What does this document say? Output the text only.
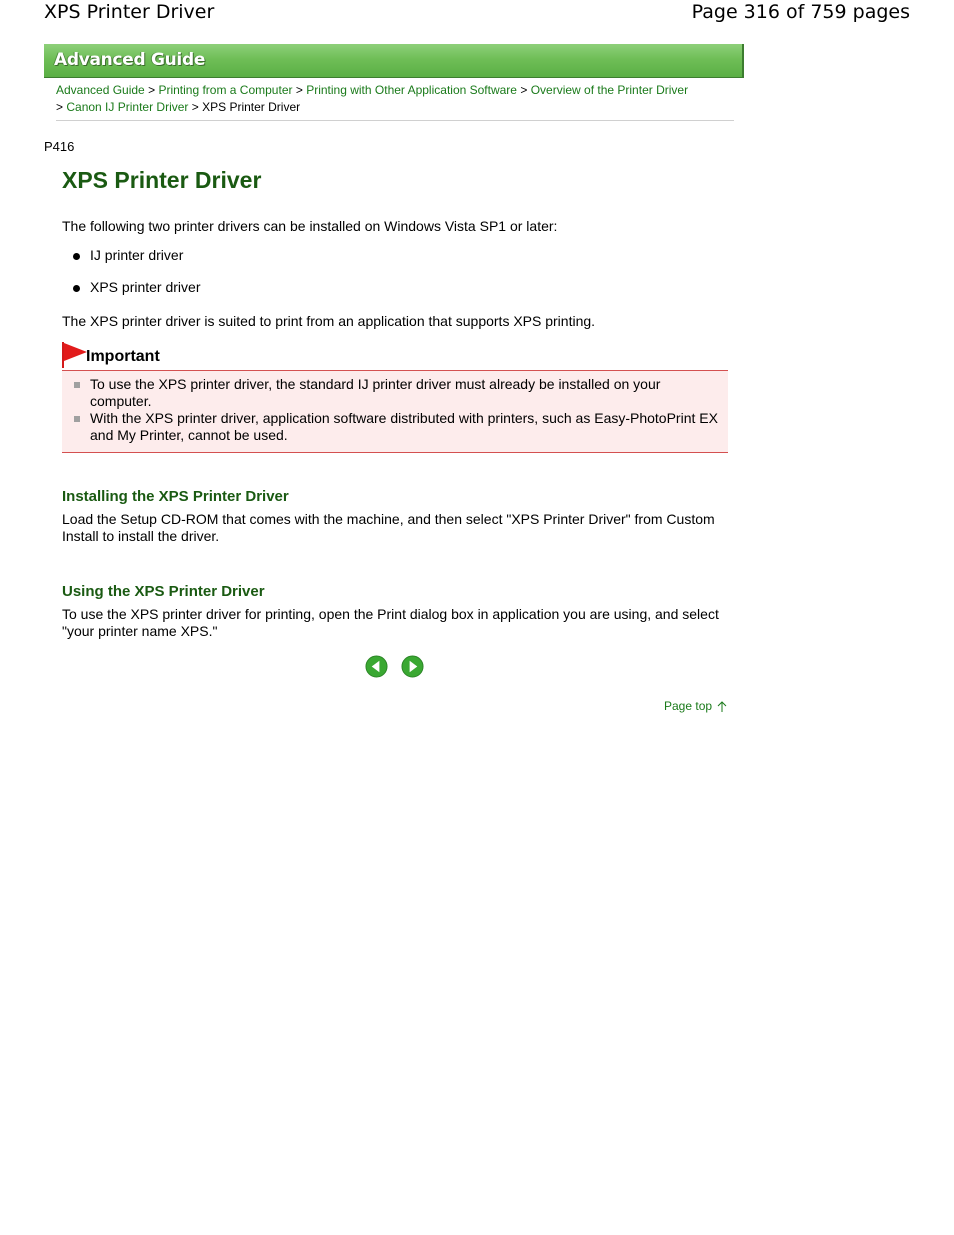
XPS Printer Driver	Page 316 of 759 pages
Advanced Guide
Advanced Guide > Printing from a Computer > Printing with Other Application Software > Overview of the Printer Driver
> Canon IJ Printer Driver > XPS Printer Driver
P416
XPS Printer Driver

The following two printer drivers can be installed on Windows Vista SP1 or later:

IJ printer driver
XPS printer driver

The XPS printer driver is suited to print from an application that supports XPS printing.

Important

To use the XPS printer driver, the standard IJ printer driver must already be installed on your computer.

With the XPS printer driver, application software distributed with printers, such as Easy-PhotoPrint EX and My Printer, cannot be used.

Installing the XPS Printer Driver

Load the Setup CD-ROM that comes with the machine, and then select "XPS Printer Driver" from Custom Install to install the driver.

Using the XPS Printer Driver

To use the XPS printer driver for printing, open the Print dialog box in application you are using, and select "your printer name XPS."

Page top
